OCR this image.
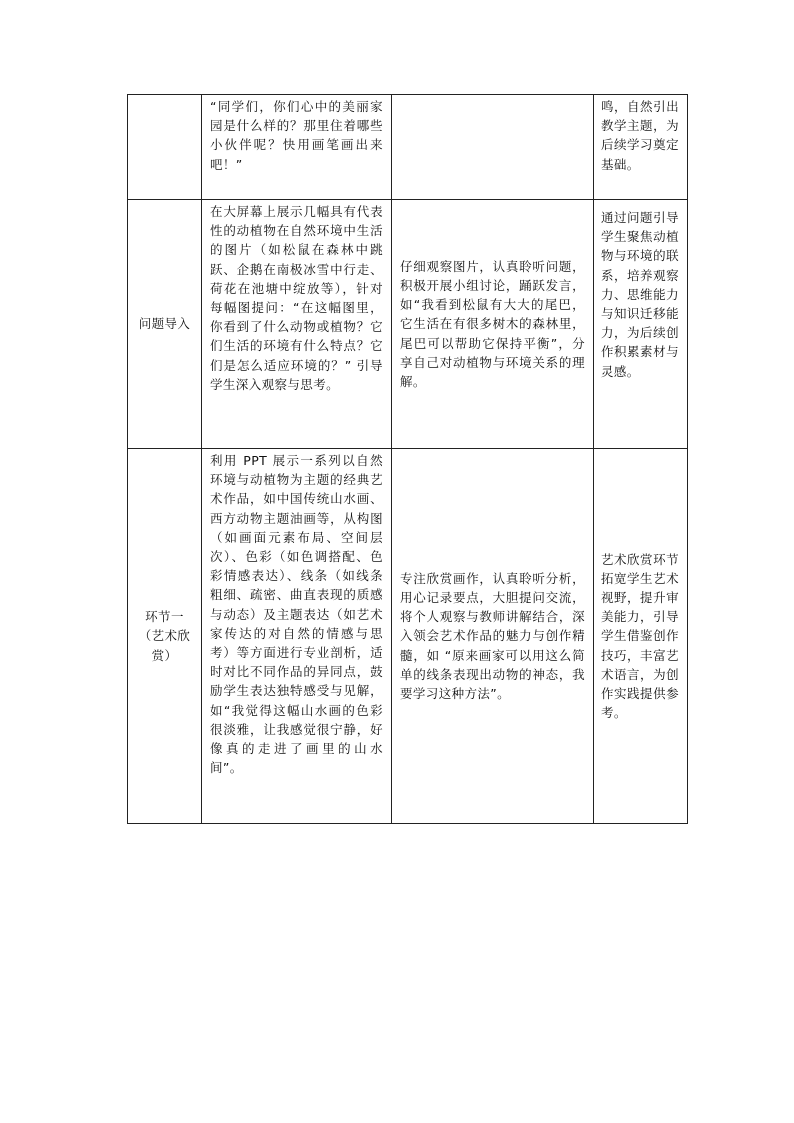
	“同学们，你们心中的美丽家园是什么样的？那里住着哪些小伙伴呢？快用画笔画出来吧！”		鸣，自然引出教学主题，为后续学习奠定基础。

问题导入	在大屏幕上展示几幅具有代表性的动植物在自然环境中生活的图片（如松鼠在森林中跳跃、企鹅在南极冰雪中行走、荷花在池塘中绽放等），针对每幅图提问：“在这幅图里，你看到了什么动物或植物？它们生活的环境有什么特点？它们是怎么适应环境的？” 引导学生深入观察与思考。	仔细观察图片，认真聆听问题，积极开展小组讨论，踊跃发言，如“我看到松鼠有大大的尾巴，它生活在有很多树木的森林里，尾巴可以帮助它保持平衡”，分享自己对动植物与环境关系的理解。	通过问题引导学生聚焦动植物与环境的联系，培养观察力、思维能力与知识迁移能力，为后续创作积累素材与灵感。

环节一（艺术欣赏）	利用 PPT 展示一系列以自然环境与动植物为主题的经典艺术作品，如中国传统山水画、西方动物主题油画等，从构图（如画面元素布局、空间层次）、色彩（如色调搭配、色彩情感表达）、线条（如线条粗细、疏密、曲直表现的质感与动态）及主题表达（如艺术家传达的对自然的情感与思考）等方面进行专业剖析，适时对比不同作品的异同点，鼓励学生表达独特感受与见解，如“我觉得这幅山水画的色彩很淡雅，让我感觉很宁静，好像真的走进了画里的山水间”。	专注欣赏画作，认真聆听分析，用心记录要点，大胆提问交流，将个人观察与教师讲解结合，深入领会艺术作品的魅力与创作精髓，如 “原来画家可以用这么简单的线条表现出动物的神态，我要学习这种方法”。	艺术欣赏环节拓宽学生艺术视野，提升审美能力，引导学生借鉴创作技巧，丰富艺术语言，为创作实践提供参考。
